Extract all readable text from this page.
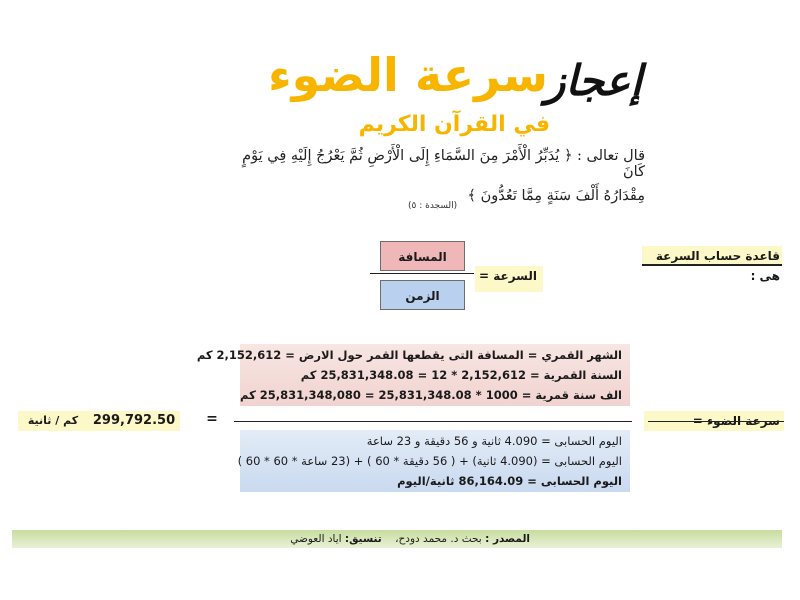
إعجاز
سرعة الضوء
في القرآن الكريم
قال تعالى : ﴿ يُدَبِّرُ الْأَمْرَ مِنَ السَّمَاءِ إِلَى الْأَرْضِ ثُمَّ يَعْرُجُ إِلَيْهِ فِي يَوْمٍ كَانَ
مِقْدَارُهُ أَلْفَ سَنَةٍ مِمَّا تَعُدُّونَ ﴾
(السجدة : ٥)
قاعدة حساب السرعة هى :
المسافة
الزمن
السرعة =
الشهر القمري = المسافة التى يقطعها القمر حول الارض = 2,152,612 كم
السنة القمرية = 2,152,612 * 12 = 25,831,348.08 كم
الف سنة قمرية = 1000 * 25,831,348.08 = 25,831,348,080 كم
اليوم الحسابى = 4.090 ثانية و 56 دقيقة و 23 ساعة
اليوم الحسابى = (4.090 ثانية) + ( 56 دقيقة * 60 ) + (23 ساعة * 60 * 60 )
اليوم الحسابى = 86,164.09 ثانية/اليوم
سرعة الضوء =
=
299,792.50
كم / ثانية
المصدر : بحث د. محمد دودح،    تنسيق: اياد العوضي
